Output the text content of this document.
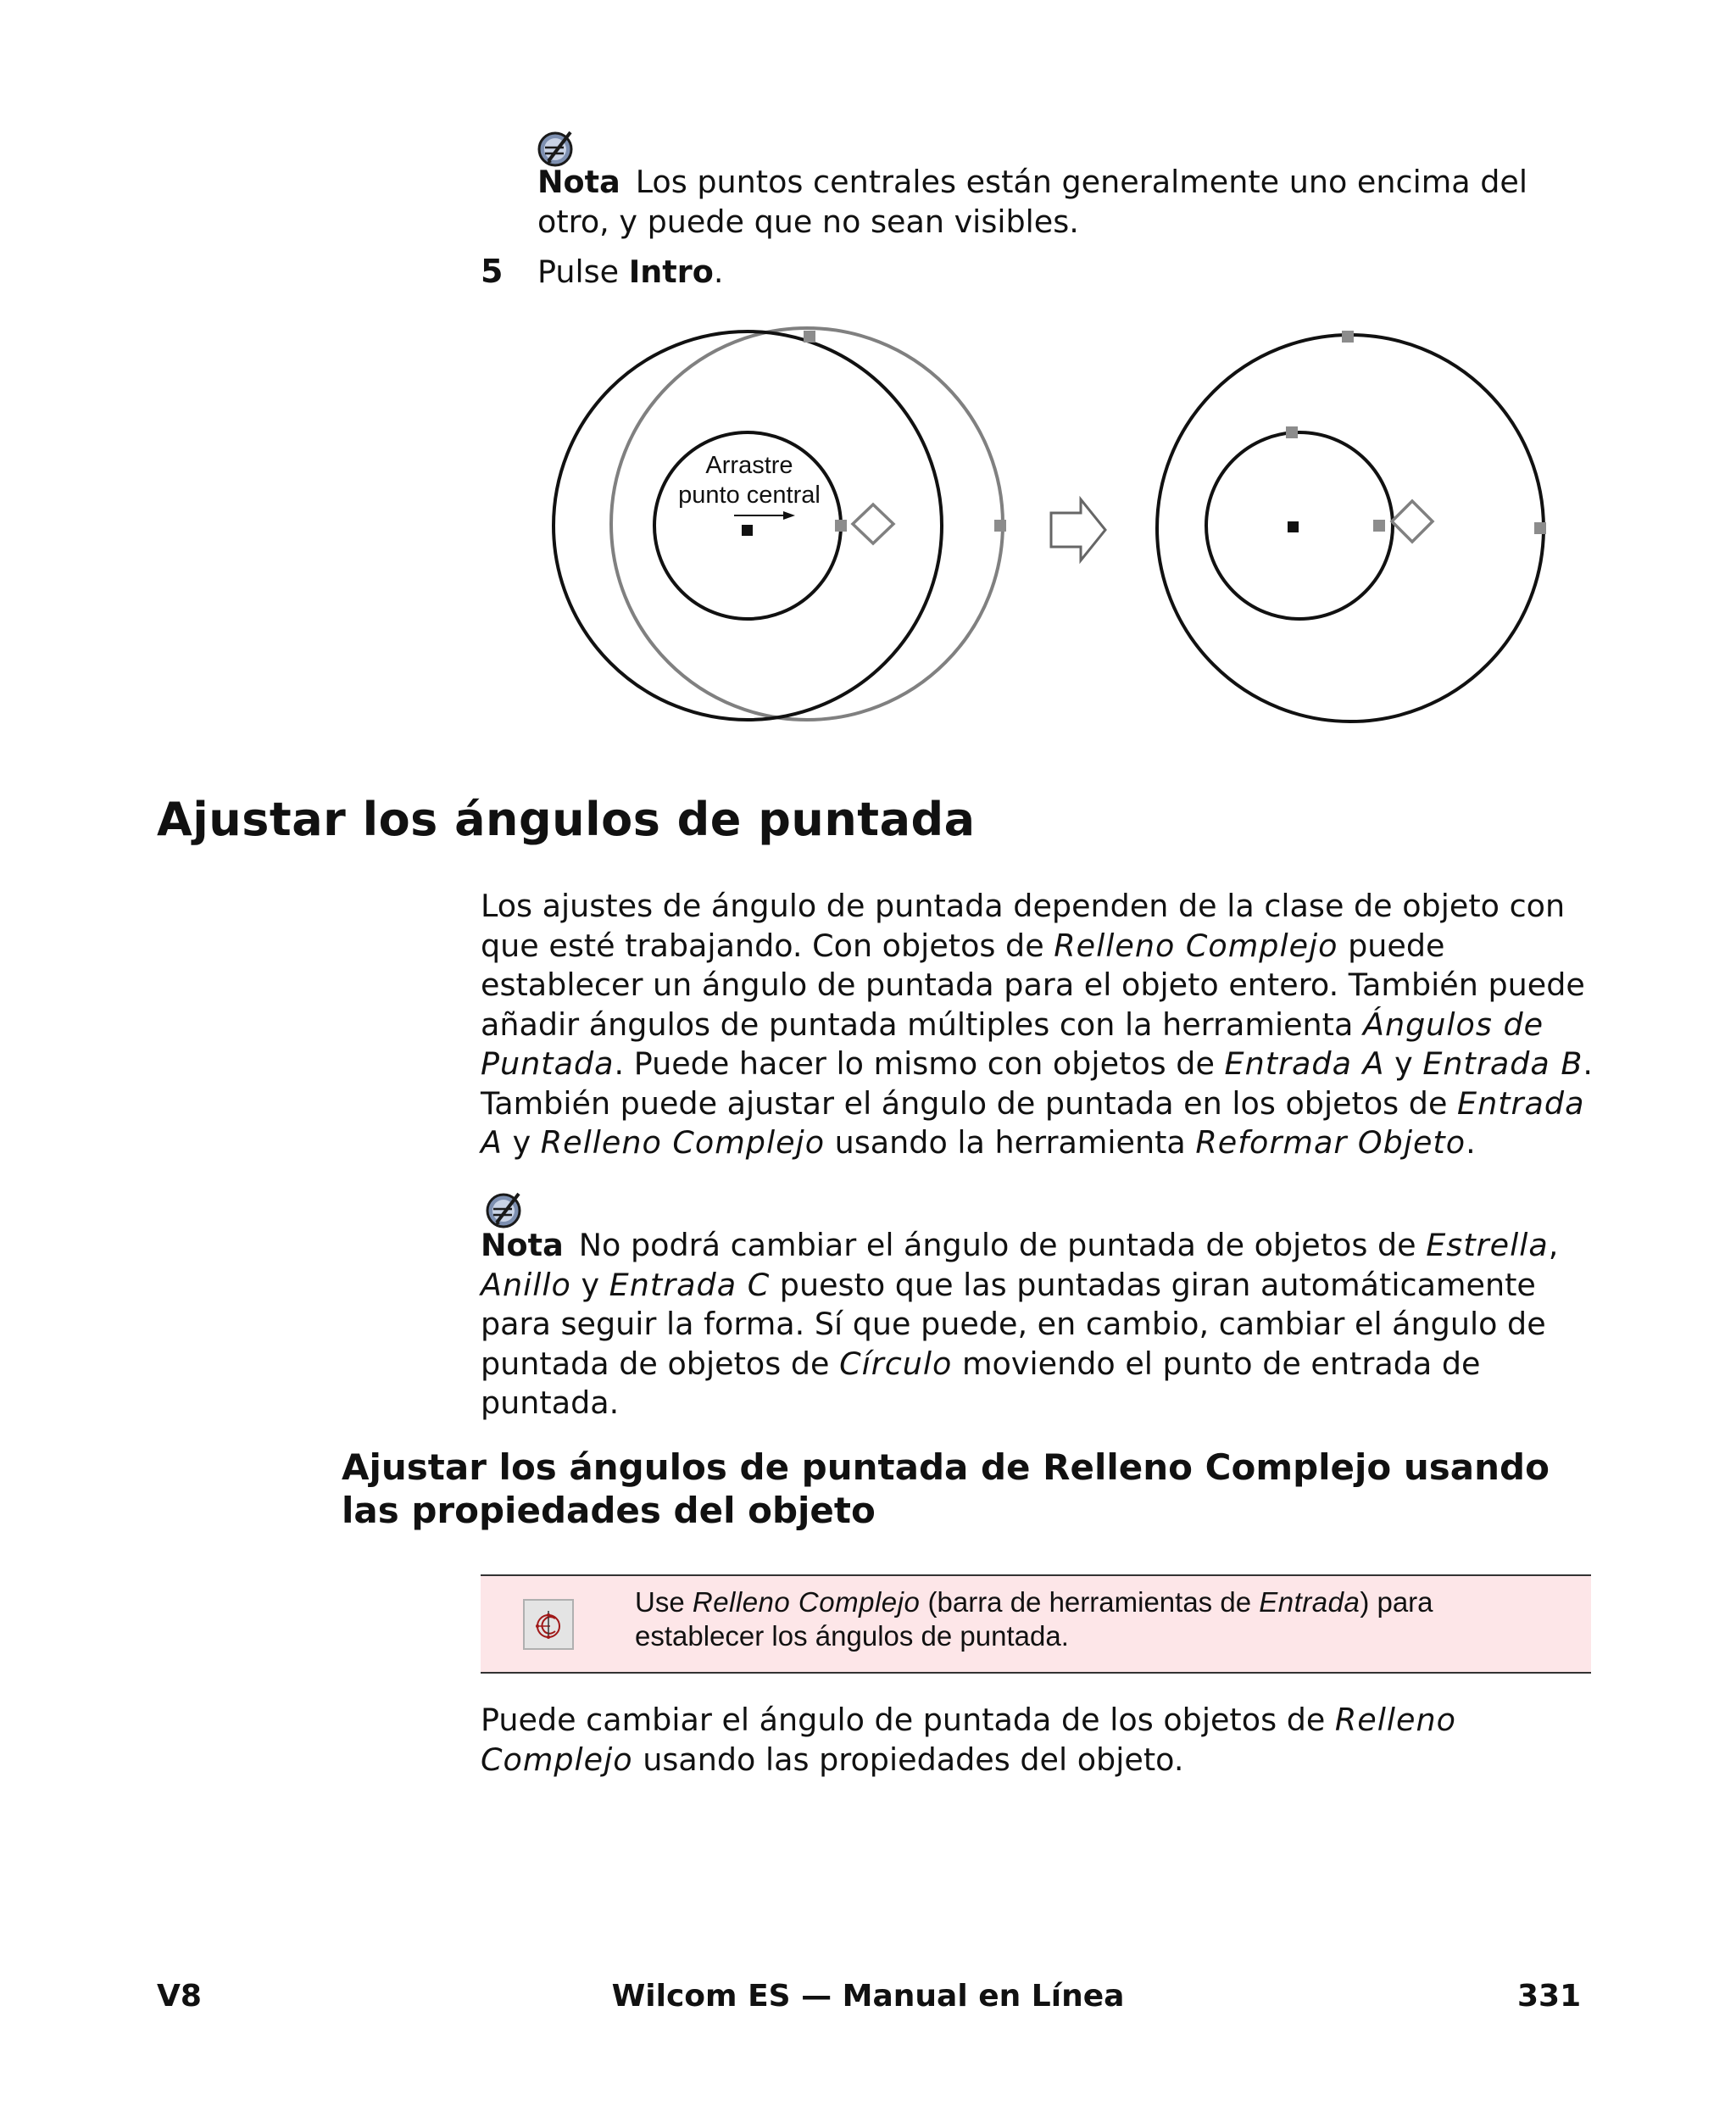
Nota Los puntos centrales están generalmente uno encima del otro, y puede que no sean visibles.
5 Pulse Intro.
Arrastre
punto central
Ajustar los ángulos de puntada
Los ajustes de ángulo de puntada dependen de la clase de objeto con que esté trabajando. Con objetos de Relleno Complejo puede establecer un ángulo de puntada para el objeto entero. También puede añadir ángulos de puntada múltiples con la herramienta Ángulos de Puntada. Puede hacer lo mismo con objetos de Entrada A y Entrada B. También puede ajustar el ángulo de puntada en los objetos de Entrada A y Relleno Complejo usando la herramienta Reformar Objeto.
Nota No podrá cambiar el ángulo de puntada de objetos de Estrella, Anillo y Entrada C puesto que las puntadas giran automáticamente para seguir la forma. Sí que puede, en cambio, cambiar el ángulo de puntada de objetos de Círculo moviendo el punto de entrada de puntada.
Ajustar los ángulos de puntada de Relleno Complejo usando las propiedades del objeto
Use Relleno Complejo (barra de herramientas de Entrada) para establecer los ángulos de puntada.
Puede cambiar el ángulo de puntada de los objetos de Relleno Complejo usando las propiedades del objeto.
Wilcom ES — Manual en Línea
V8	331
